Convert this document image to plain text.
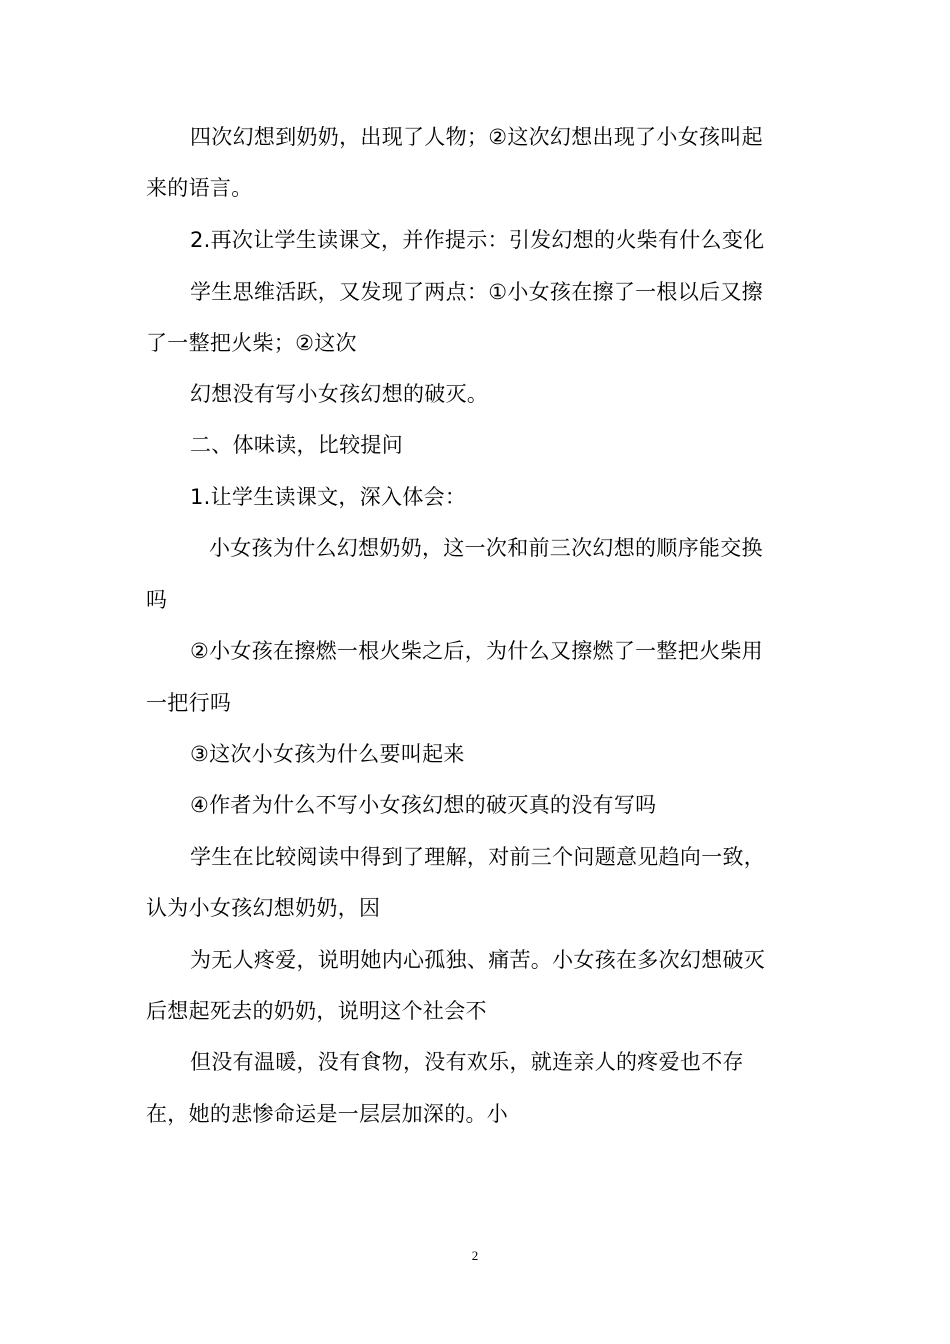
四次幻想到奶奶，出现了人物；②这次幻想出现了小女孩叫起
来的语言。
2.再次让学生读课文，并作提示：引发幻想的火柴有什么变化
学生思维活跃，又发现了两点：①小女孩在擦了一根以后又擦
了一整把火柴；②这次
幻想没有写小女孩幻想的破灭。
二、体味读，比较提问
1.让学生读课文，深入体会：
小女孩为什么幻想奶奶，这一次和前三次幻想的顺序能交换
吗
②小女孩在擦燃一根火柴之后，为什么又擦燃了一整把火柴用
一把行吗
③这次小女孩为什么要叫起来
④作者为什么不写小女孩幻想的破灭真的没有写吗
学生在比较阅读中得到了理解，对前三个问题意见趋向一致，
认为小女孩幻想奶奶，因
为无人疼爱，说明她内心孤独、痛苦。小女孩在多次幻想破灭
后想起死去的奶奶，说明这个社会不
但没有温暖，没有食物，没有欢乐，就连亲人的疼爱也不存
在，她的悲惨命运是一层层加深的。小
2
